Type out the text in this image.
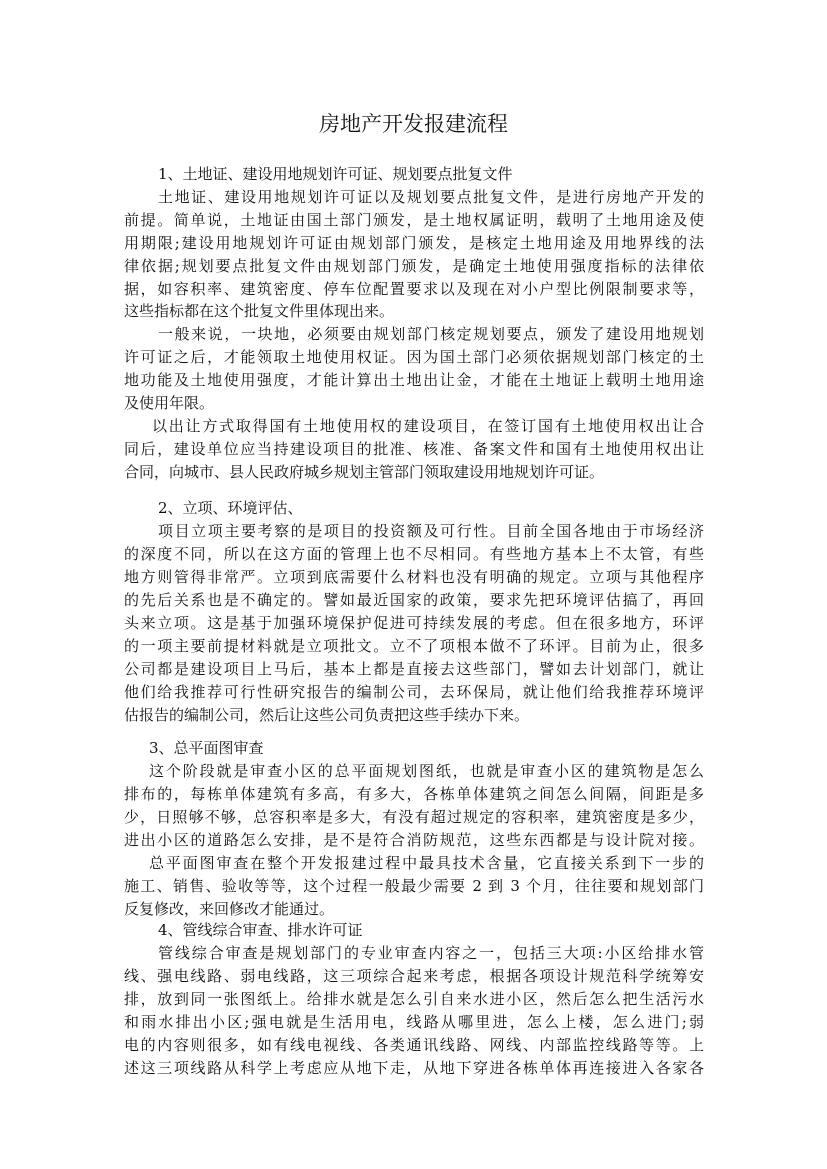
房地产开发报建流程
1、土地证、建设用地规划许可证、规划要点批复文件
土地证、建设用地规划许可证以及规划要点批复文件，是进行房地产开发的
前提。简单说，土地证由国土部门颁发，是土地权属证明，载明了土地用途及使
用期限;建设用地规划许可证由规划部门颁发，是核定土地用途及用地界线的法
律依据;规划要点批复文件由规划部门颁发，是确定土地使用强度指标的法律依
据，如容积率、建筑密度、停车位配置要求以及现在对小户型比例限制要求等，
这些指标都在这个批复文件里体现出来。
一般来说，一块地，必须要由规划部门核定规划要点，颁发了建设用地规划
许可证之后，才能领取土地使用权证。因为国土部门必须依据规划部门核定的土
地功能及土地使用强度，才能计算出土地出让金，才能在土地证上载明土地用途
及使用年限。
以出让方式取得国有土地使用权的建设项目，在签订国有土地使用权出让合
同后，建设单位应当持建设项目的批准、核准、备案文件和国有土地使用权出让
合同，向城市、县人民政府城乡规划主管部门领取建设用地规划许可证。
2、立项、环境评估、
项目立项主要考察的是项目的投资额及可行性。目前全国各地由于市场经济
的深度不同，所以在这方面的管理上也不尽相同。有些地方基本上不太管，有些
地方则管得非常严。立项到底需要什么材料也没有明确的规定。立项与其他程序
的先后关系也是不确定的。譬如最近国家的政策，要求先把环境评估搞了，再回
头来立项。这是基于加强环境保护促进可持续发展的考虑。但在很多地方，环评
的一项主要前提材料就是立项批文。立不了项根本做不了环评。目前为止，很多
公司都是建设项目上马后，基本上都是直接去这些部门，譬如去计划部门，就让
他们给我推荐可行性研究报告的编制公司，去环保局，就让他们给我推荐环境评
估报告的编制公司，然后让这些公司负责把这些手续办下来。
3、总平面图审查
这个阶段就是审查小区的总平面规划图纸，也就是审查小区的建筑物是怎么
排布的，每栋单体建筑有多高，有多大，各栋单体建筑之间怎么间隔，间距是多
少，日照够不够，总容积率是多大，有没有超过规定的容积率，建筑密度是多少，
进出小区的道路怎么安排，是不是符合消防规范，这些东西都是与设计院对接。
总平面图审查在整个开发报建过程中最具技术含量，它直接关系到下一步的
施工、销售、验收等等，这个过程一般最少需要 2 到 3 个月，往往要和规划部门
反复修改，来回修改才能通过。
4、管线综合审查、排水许可证
管线综合审查是规划部门的专业审查内容之一，包括三大项:小区给排水管
线、强电线路、弱电线路，这三项综合起来考虑，根据各项设计规范科学统筹安
排，放到同一张图纸上。给排水就是怎么引自来水进小区，然后怎么把生活污水
和雨水排出小区;强电就是生活用电，线路从哪里进，怎么上楼，怎么进门;弱
电的内容则很多，如有线电视线、各类通讯线路、网线、内部监控线路等等。上
述这三项线路从科学上考虑应从地下走，从地下穿进各栋单体再连接进入各家各
